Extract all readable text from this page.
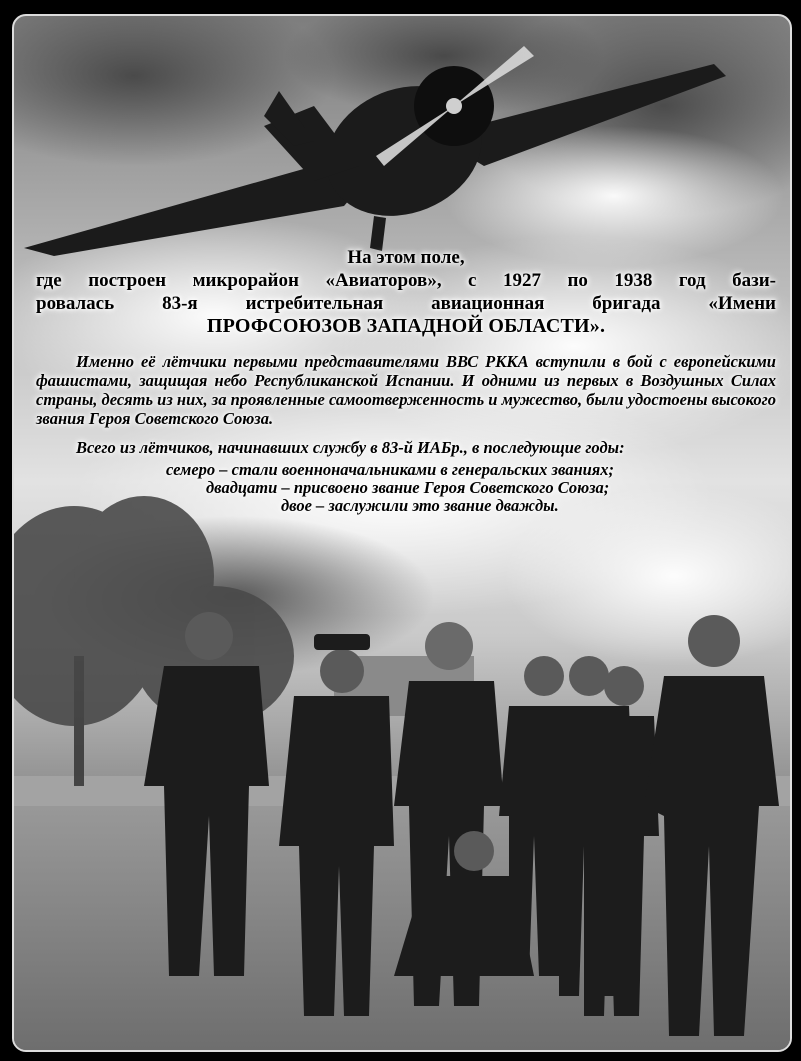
На этом поле,

где построен микрорайон «Авиаторов», с 1927 по 1938 год бази-
ровалась 83-я истребительная авиационная бригада «Имени
ПРОФСОЮЗОВ ЗАПАДНОЙ ОБЛАСТИ».

Именно её лётчики первыми представителями ВВС РККА вступили в бой с европейскими фашистами, защищая небо Республиканской Испании. И одними из первых в Воздушных Силах страны, десять из них, за проявленные самоотверженность и мужество, были удостоены высокого звания Героя Советского Союза.

Всего из лётчиков, начинавших службу в 83-й ИАБр., в последующие годы:

семеро – стали военноначальниками в генеральских званиях;
двадцати – присвоено звание Героя Советского Союза;
двое – заслужили это звание дважды.
